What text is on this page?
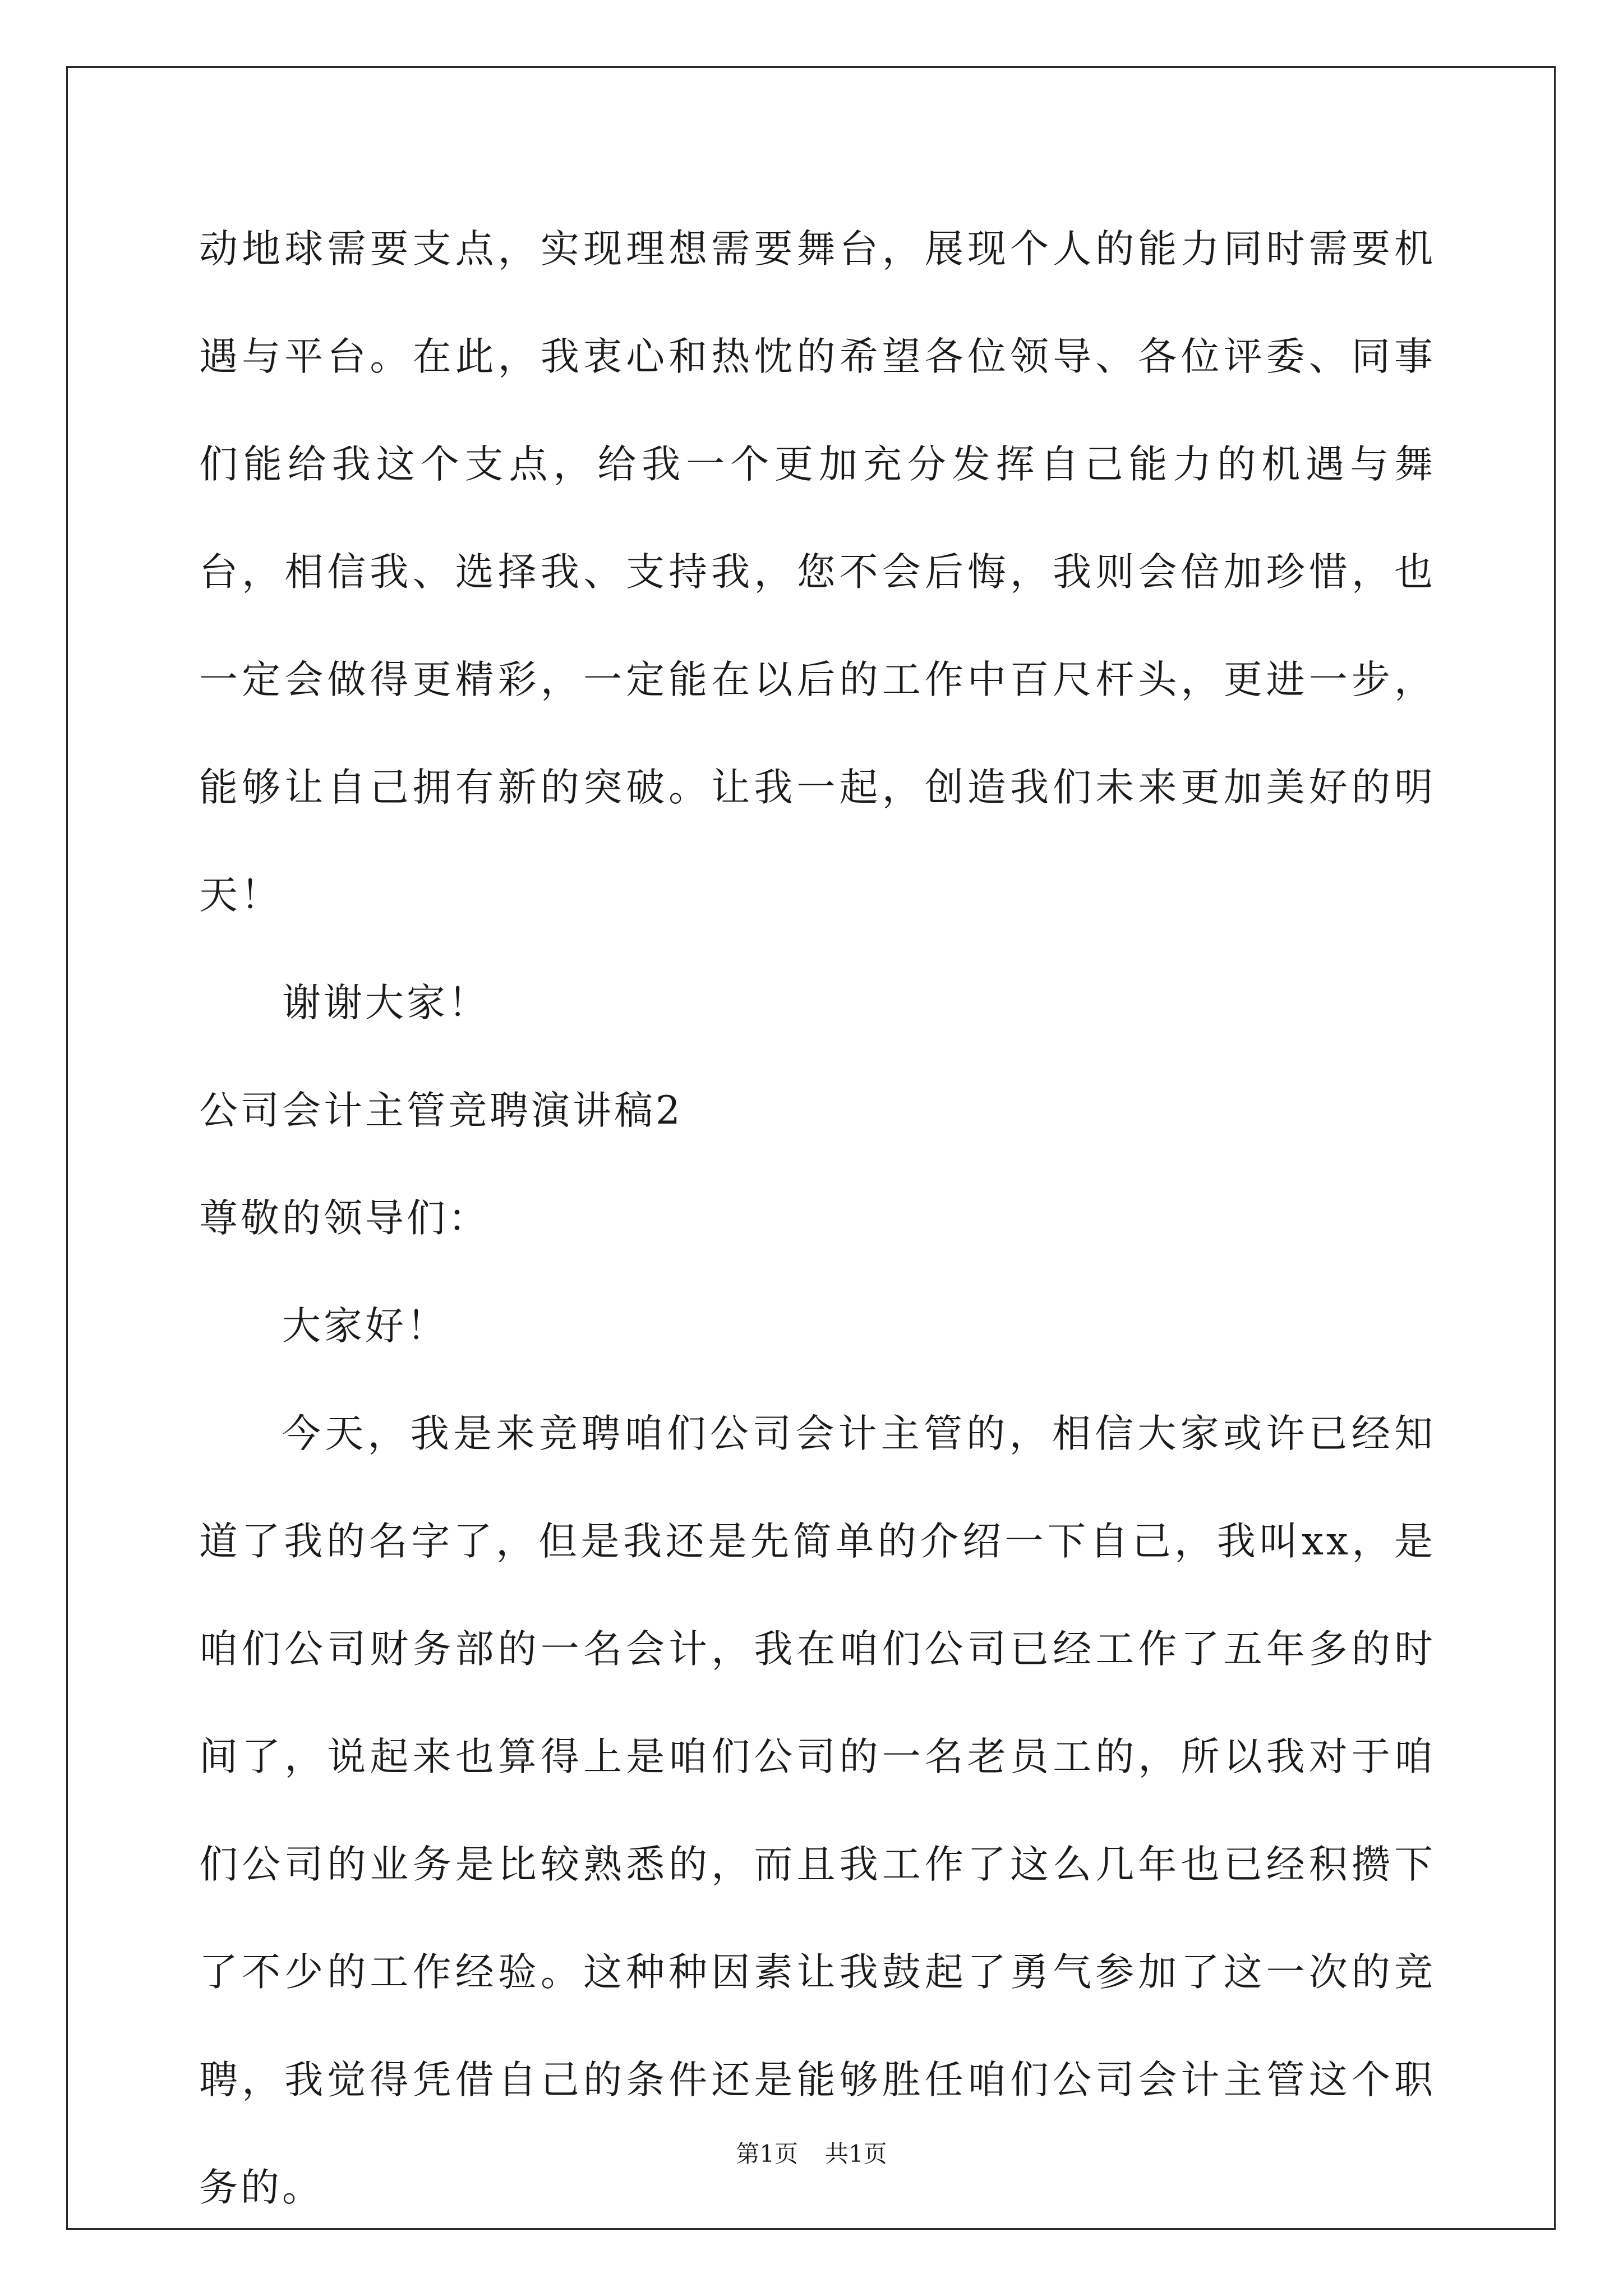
动地球需要支点，实现理想需要舞台，展现个人的能力同时需要机遇与平台。在此，我衷心和热忱的希望各位领导、各位评委、同事们能给我这个支点，给我一个更加充分发挥自己能力的机遇与舞台，相信我、选择我、支持我，您不会后悔，我则会倍加珍惜，也一定会做得更精彩，一定能在以后的工作中百尺杆头，更进一步，能够让自己拥有新的突破。让我一起，创造我们未来更加美好的明天！

谢谢大家！

公司会计主管竞聘演讲稿2

尊敬的领导们：

大家好！

今天，我是来竞聘咱们公司会计主管的，相信大家或许已经知道了我的名字了，但是我还是先简单的介绍一下自己，我叫xx，是咱们公司财务部的一名会计，我在咱们公司已经工作了五年多的时间了，说起来也算得上是咱们公司的一名老员工的，所以我对于咱们公司的业务是比较熟悉的，而且我工作了这么几年也已经积攒下了不少的工作经验。这种种因素让我鼓起了勇气参加了这一次的竞聘，我觉得凭借自己的条件还是能够胜任咱们公司会计主管这个职务的。

第1页 共1页
